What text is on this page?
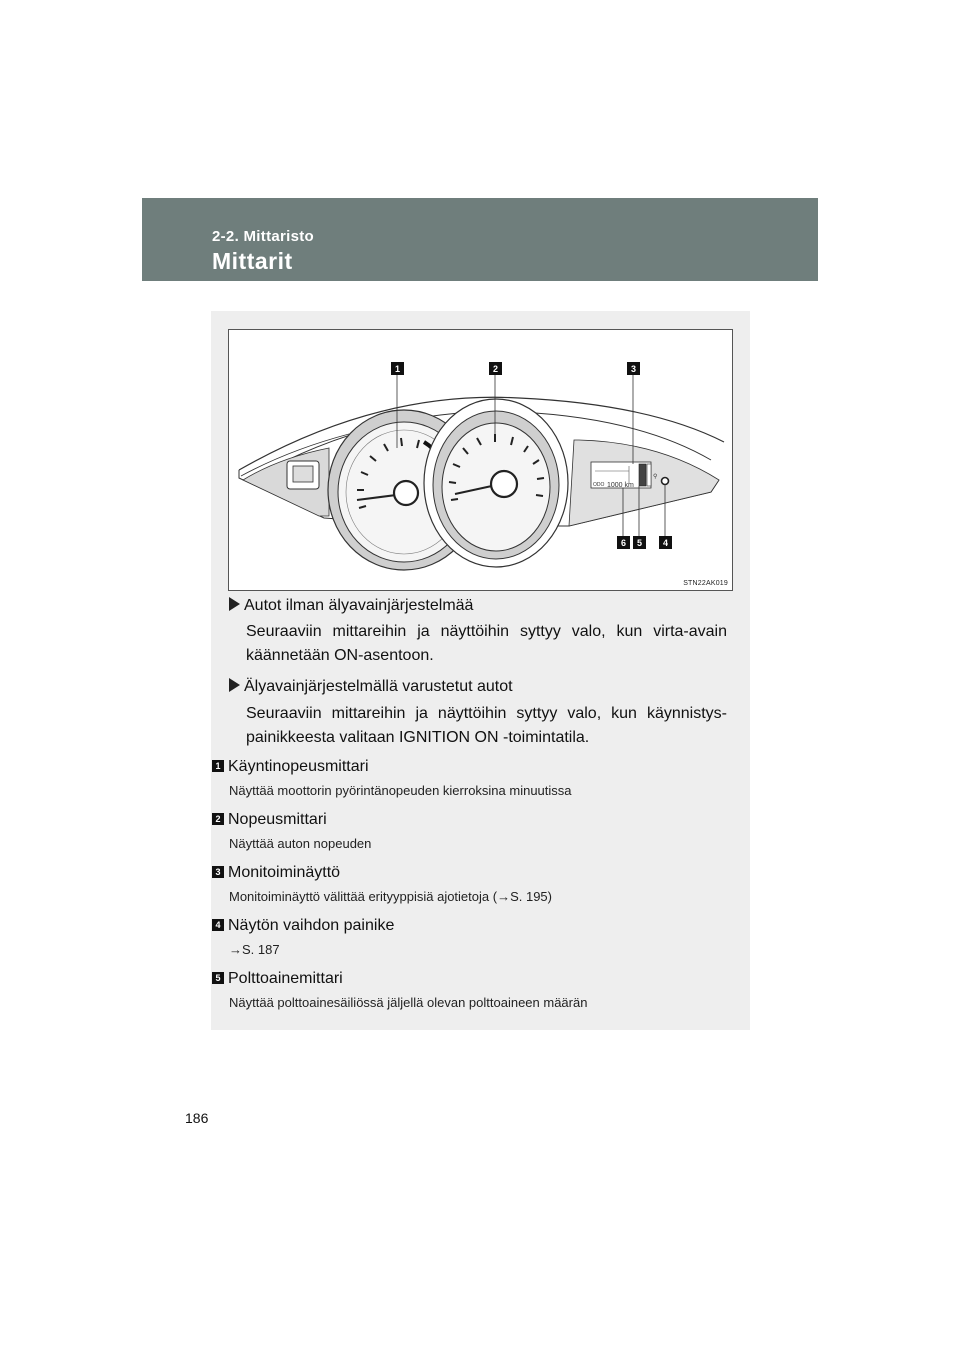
2-2. Mittaristo
Mittarit
ODO 1000 km
⚲
1	2	3
4
5
6
STN22AK019
Autot ilman älyavainjärjestelmää
Seuraaviin mittareihin ja näyttöihin syttyy valo, kun virta-avain käännetään ON-asentoon.
Älyavainjärjestelmällä varustetut autot
Seuraaviin mittareihin ja näyttöihin syttyy valo, kun käynnistys-painikkeesta valitaan IGNITION ON -toimintatila.
1 Käyntinopeusmittari
Näyttää moottorin pyörintänopeuden kierroksina minuutissa
2 Nopeusmittari
Näyttää auton nopeuden
3 Monitoiminäyttö
Monitoiminäyttö välittää erityyppisiä ajotietoja (→S. 195)
4 Näytön vaihdon painike
→S. 187
5 Polttoainemittari
Näyttää polttoainesäiliössä jäljellä olevan polttoaineen määrän
186
